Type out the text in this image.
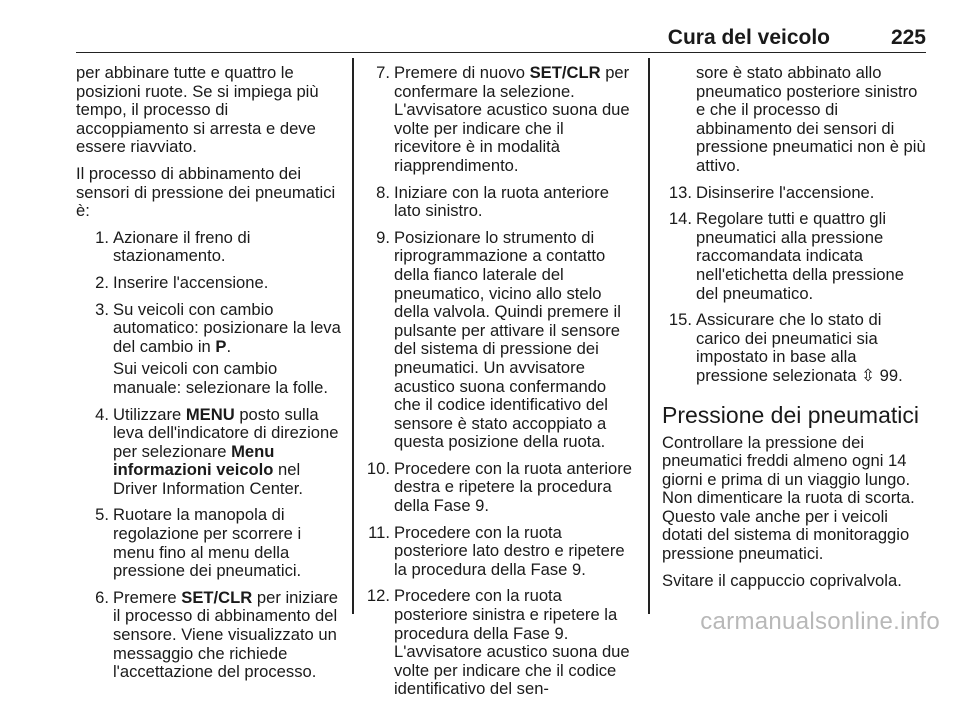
Cura del veicolo	225

per abbinare tutte e quattro le posizioni ruote. Se si impiega più tempo, il processo di accoppiamento si arresta e deve essere riavviato.

Il processo di abbinamento dei sensori di pressione dei pneumatici è:

1. Azionare il freno di stazionamento.
2. Inserire l'accensione.
3. Su veicoli con cambio automatico: posizionare la leva del cambio in P.
Sui veicoli con cambio manuale: selezionare la folle.
4. Utilizzare MENU posto sulla leva dell'indicatore di direzione per selezionare Menu informazioni veicolo nel Driver Information Center.
5. Ruotare la manopola di regolazione per scorrere i menu fino al menu della pressione dei pneumatici.
6. Premere SET/CLR per iniziare il processo di abbinamento del sensore. Viene visualizzato un messaggio che richiede l'accettazione del processo.
7. Premere di nuovo SET/CLR per confermare la selezione. L'avvisatore acustico suona due volte per indicare che il ricevitore è in modalità riapprendimento.
8. Iniziare con la ruota anteriore lato sinistro.
9. Posizionare lo strumento di riprogrammazione a contatto della fianco laterale del pneumatico, vicino allo stelo della valvola. Quindi premere il pulsante per attivare il sensore del sistema di pressione dei pneumatici. Un avvisatore acustico suona confermando che il codice identificativo del sensore è stato accoppiato a questa posizione della ruota.
10. Procedere con la ruota anteriore destra e ripetere la procedura della Fase 9.
11. Procedere con la ruota posteriore lato destro e ripetere la procedura della Fase 9.
12. Procedere con la ruota posteriore sinistra e ripetere la procedura della Fase 9. L'avvisatore acustico suona due volte per indicare che il codice identificativo del sen-
sore è stato abbinato allo pneumatico posteriore sinistro e che il processo di abbinamento dei sensori di pressione pneumatici non è più attivo.
13. Disinserire l'accensione.
14. Regolare tutti e quattro gli pneumatici alla pressione raccomandata indicata nell'etichetta della pressione del pneumatico.
15. Assicurare che lo stato di carico dei pneumatici sia impostato in base alla pressione selezionata ⇳ 99.
Pressione dei pneumatici

Controllare la pressione dei pneumatici freddi almeno ogni 14 giorni e prima di un viaggio lungo. Non dimenticare la ruota di scorta. Questo vale anche per i veicoli dotati del sistema di monitoraggio pressione pneumatici.

Svitare il cappuccio coprivalvola.

carmanualsonline.info
